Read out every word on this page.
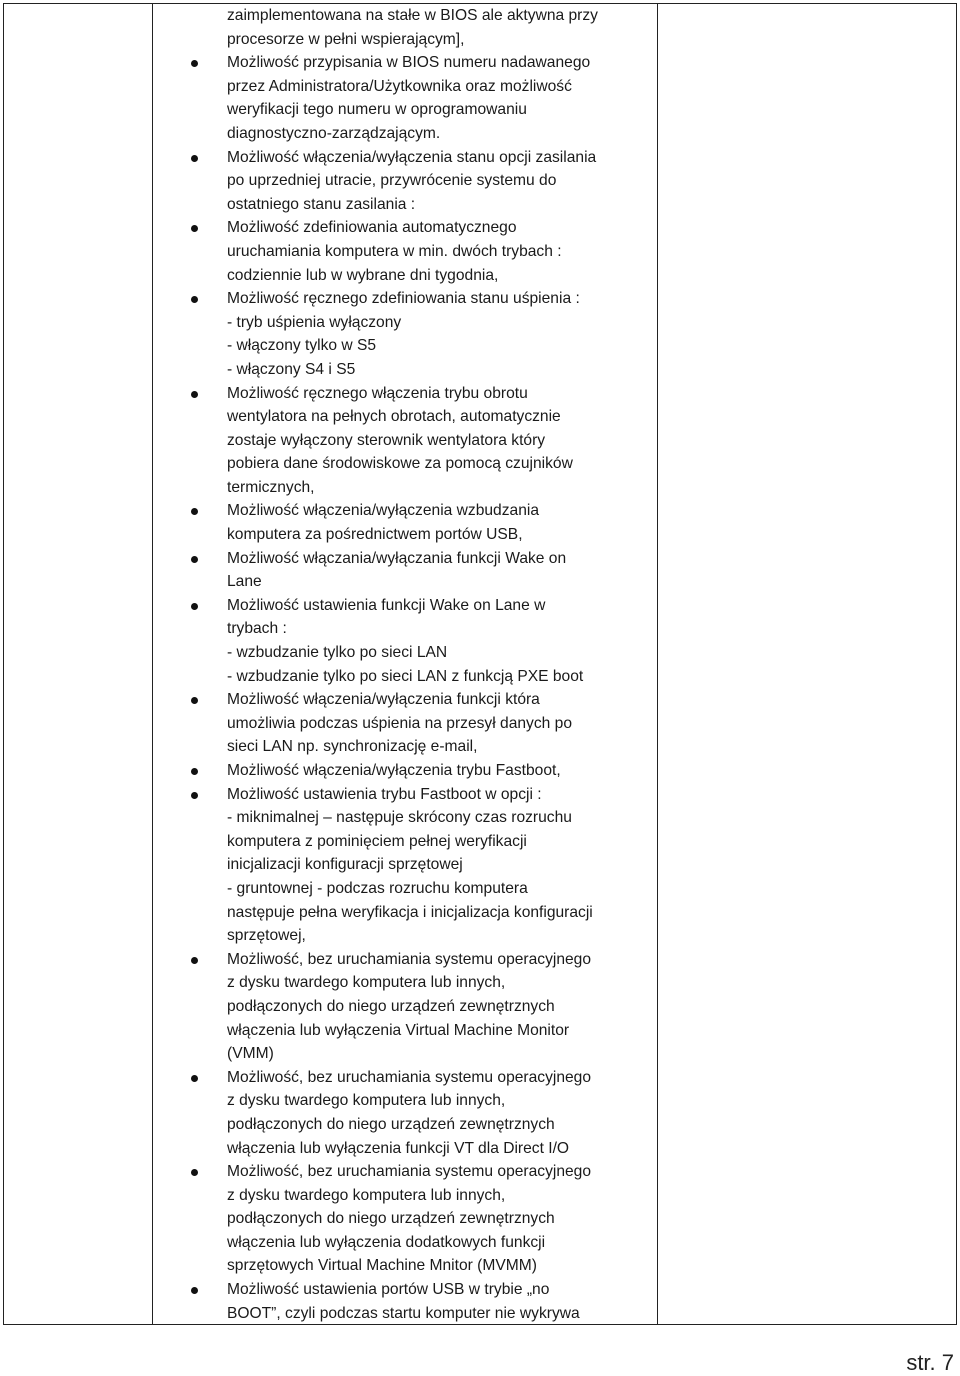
zaimplementowana na stałe w BIOS ale aktywna przy
procesorze w pełni wspierającym],
Możliwość przypisania w BIOS numeru nadawanego
przez Administratora/Użytkownika oraz możliwość
weryfikacji tego numeru w oprogramowaniu
diagnostyczno-zarządzającym.
Możliwość włączenia/wyłączenia stanu opcji zasilania
po uprzedniej utracie, przywrócenie systemu do
ostatniego stanu zasilania :
Możliwość zdefiniowania automatycznego
uruchamiania komputera w min. dwóch trybach :
codziennie lub w wybrane dni tygodnia,
Możliwość ręcznego zdefiniowania stanu uśpienia :
- tryb uśpienia wyłączony
- włączony tylko w S5
- włączony S4 i S5
Możliwość ręcznego włączenia trybu obrotu
wentylatora na pełnych obrotach, automatycznie
zostaje wyłączony sterownik wentylatora który
pobiera dane środowiskowe za pomocą czujników
termicznych,
Możliwość włączenia/wyłączenia wzbudzania
komputera za pośrednictwem portów USB,
Możliwość włączania/wyłączania funkcji Wake on
Lane
Możliwość ustawienia funkcji Wake on Lane w
trybach :
- wzbudzanie tylko po sieci LAN
- wzbudzanie tylko po sieci LAN z funkcją PXE boot
Możliwość włączenia/wyłączenia funkcji która
umożliwia podczas uśpienia na przesył danych po
sieci LAN np. synchronizację e-mail,
Możliwość włączenia/wyłączenia trybu Fastboot,
Możliwość ustawienia trybu Fastboot w opcji :
- miknimalnej – następuje skrócony czas rozruchu
komputera z pominięciem pełnej weryfikacji
inicjalizacji konfiguracji sprzętowej
- gruntownej - podczas rozruchu komputera
następuje pełna weryfikacja i inicjalizacja konfiguracji
sprzętowej,
Możliwość, bez uruchamiania systemu operacyjnego
z dysku twardego komputera lub innych,
podłączonych do niego urządzeń zewnętrznych
włączenia lub wyłączenia Virtual Machine Monitor
(VMM)
Możliwość, bez uruchamiania systemu operacyjnego
z dysku twardego komputera lub innych,
podłączonych do niego urządzeń zewnętrznych
włączenia lub wyłączenia funkcji VT dla Direct I/O
Możliwość, bez uruchamiania systemu operacyjnego
z dysku twardego komputera lub innych,
podłączonych do niego urządzeń zewnętrznych
włączenia lub wyłączenia dodatkowych funkcji
sprzętowych Virtual Machine Mnitor (MVMM)
Możliwość ustawienia portów USB w trybie „no
BOOT”, czyli podczas startu komputer nie wykrywa
str. 7
